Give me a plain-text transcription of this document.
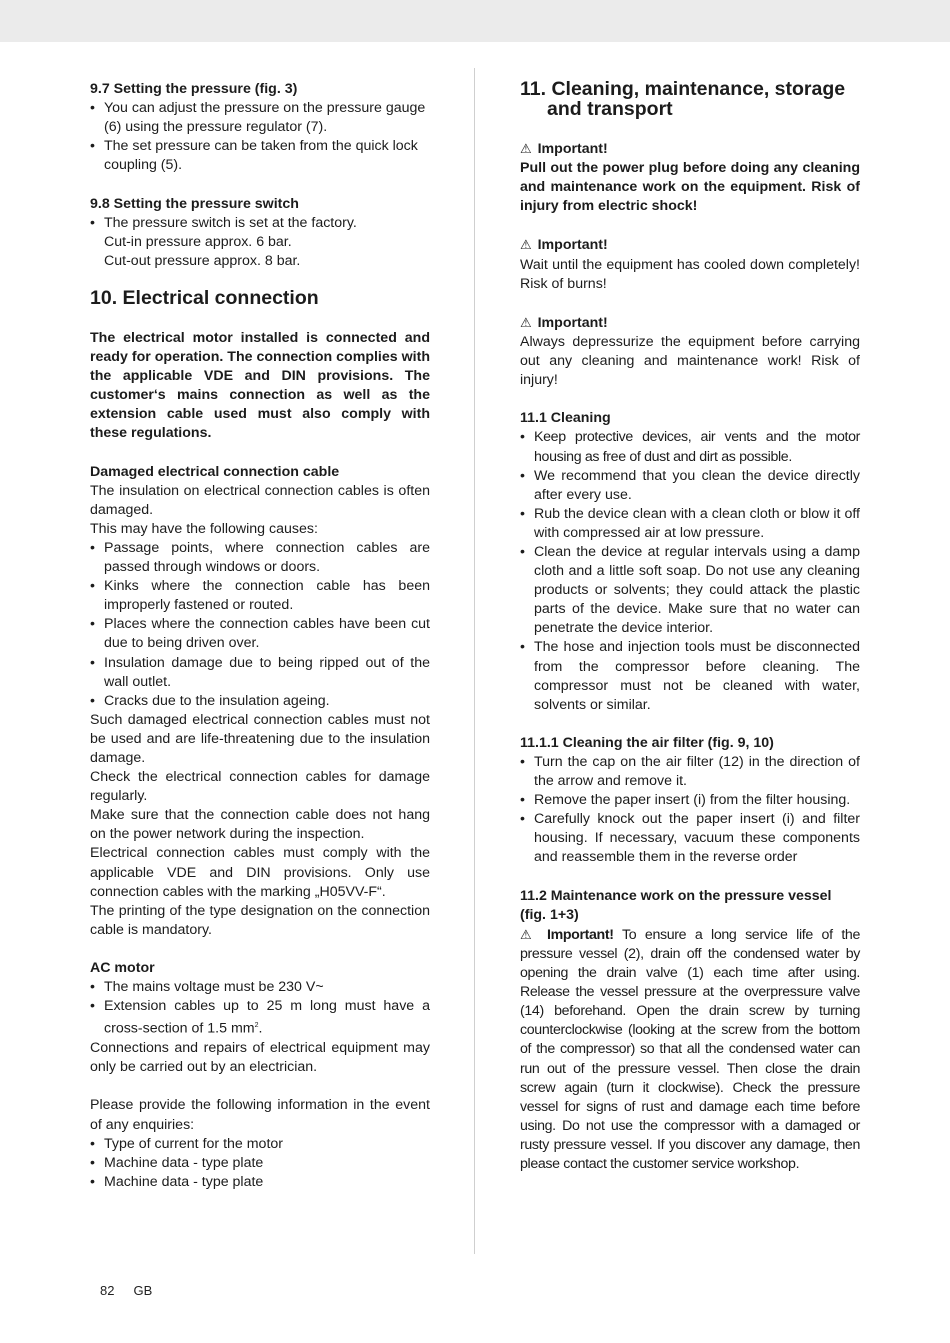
9.7 Setting the pressure (fig. 3)
• You can adjust the pressure on the pressure gauge (6) using the pressure regulator (7).
• The set pressure can be taken from the quick lock coupling (5).
9.8 Setting the pressure switch
• The pressure switch is set at the factory.
Cut-in pressure approx. 6 bar.
Cut-out pressure approx. 8 bar.
10. Electrical connection

The electrical motor installed is connected and ready for operation. The connection complies with the applicable VDE and DIN provisions. The customer‘s mains connection as well as the extension cable used must also comply with these regulations.

Damaged electrical connection cable

The insulation on electrical connection cables is often damaged.

This may have the following causes:

• Passage points, where connection cables are passed through windows or doors.
• Kinks where the connection cable has been improperly fastened or routed.
• Places where the connection cables have been cut due to being driven over.
• Insulation damage due to being ripped out of the wall outlet.
• Cracks due to the insulation ageing.

Such damaged electrical connection cables must not be used and are life-threatening due to the insulation damage.

Check the electrical connection cables for damage regularly.

Make sure that the connection cable does not hang on the power network during the inspection.

Electrical connection cables must comply with the applicable VDE and DIN provisions. Only use connection cables with the marking „H05VV-F“.

The printing of the type designation on the connection cable is mandatory.

AC motor
• The mains voltage must be 230 V~
• Extension cables up to 25 m long must have a cross-section of 1.5 $mm^2$.

Connections and repairs of electrical equipment may only be carried out by an electrician.

Please provide the following information in the event of any enquiries:

• Type of current for the motor
• Machine data - type plate
• Machine data - type plate
11. Cleaning, maintenance, storage and transport

⚠ Important!

Pull out the power plug before doing any cleaning and maintenance work on the equipment. Risk of injury from electric shock!

⚠ Important!

Wait until the equipment has cooled down completely! Risk of burns!

⚠ Important!

Always depressurize the equipment before carrying out any cleaning and maintenance work! Risk of injury!

11.1 Cleaning
• Keep protective devices, air vents and the motor housing as free of dust and dirt as possible.
• We recommend that you clean the device directly after every use.
• Rub the device clean with a clean cloth or blow it off with compressed air at low pressure.
• Clean the device at regular intervals using a damp cloth and a little soft soap. Do not use any cleaning products or solvents; they could attack the plastic parts of the device. Make sure that no water can penetrate the device interior.
• The hose and injection tools must be disconnected from the compressor before cleaning. The compressor must not be cleaned with water, solvents or similar.
11.1.1 Cleaning the air filter (fig. 9, 10)
• Turn the cap on the air filter (12) in the direction of the arrow and remove it.
• Remove the paper insert (i) from the filter housing.
• Carefully knock out the paper insert (i) and filter housing. If necessary, vacuum these components and reassemble them in the reverse order
11.2 Maintenance work on the pressure vessel (fig. 1+3)

⚠ Important! To ensure a long service life of the pressure vessel (2), drain off the condensed water by opening the drain valve (1) each time after using. Release the vessel pressure at the overpressure valve (14) beforehand. Open the drain screw by turning counterclockwise (looking at the screw from the bottom of the compressor) so that all the condensed water can run out of the pressure vessel. Then close the drain screw again (turn it clockwise). Check the pressure vessel for signs of rust and damage each time before using. Do not use the compressor with a damaged or rusty pressure vessel. If you discover any damage, then please contact the customer service workshop.

82 GB
